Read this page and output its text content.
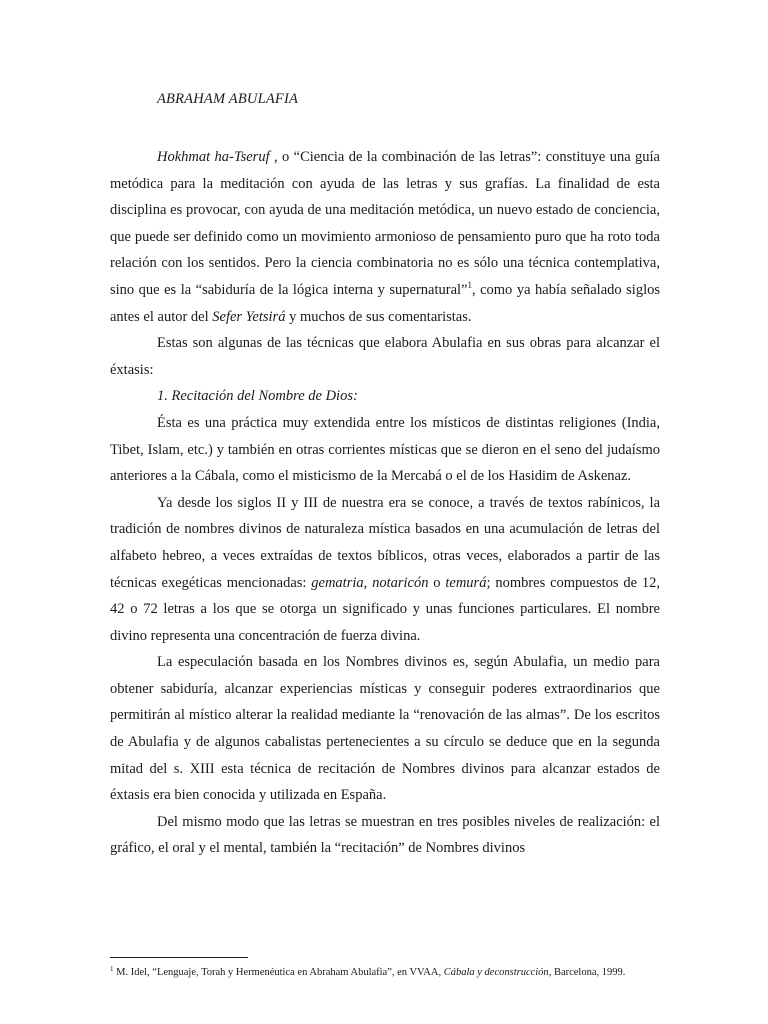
ABRAHAM ABULAFIA

Hokhmat ha-Tseruf , o “Ciencia de la combinación de las letras”: constituye una guía metódica para la meditación con ayuda de las letras y sus grafías. La finalidad de esta disciplina es provocar, con ayuda de una meditación metódica, un nuevo estado de conciencia, que puede ser definido como un movimiento armonioso de pensamiento puro que ha roto toda relación con los sentidos. Pero la ciencia combinatoria no es sólo una técnica contemplativa, sino que es la “sabiduría de la lógica interna y supernatural”$^1$, como ya había señalado siglos antes el autor del Sefer Yetsirá y muchos de sus comentaristas.

Estas son algunas de las técnicas que elabora Abulafia en sus obras para alcanzar el éxtasis:

1. Recitación del Nombre de Dios:

Ésta es una práctica muy extendida entre los místicos de distintas religiones (India, Tibet, Islam, etc.) y también en otras corrientes místicas que se dieron en el seno del judaísmo anteriores a la Cábala, como el misticismo de la Mercabá o el de los Hasidim de Askenaz.

Ya desde los siglos II y III de nuestra era se conoce, a través de textos rabínicos, la tradición de nombres divinos de naturaleza mística basados en una acumulación de letras del alfabeto hebreo, a veces extraídas de textos bíblicos, otras veces, elaborados a partir de las técnicas exegéticas mencionadas: gematria, notaricón o temurá; nombres compuestos de 12, 42 o 72 letras a los que se otorga un significado y unas funciones particulares. El nombre divino representa una concentración de fuerza divina.

La especulación basada en los Nombres divinos es, según Abulafia, un medio para obtener sabiduría, alcanzar experiencias místicas y conseguir poderes extraordinarios que permitirán al místico alterar la realidad mediante la “renovación de las almas”. De los escritos de Abulafia y de algunos cabalistas pertenecientes a su círculo se deduce que en la segunda mitad del s. XIII esta técnica de recitación de Nombres divinos para alcanzar estados de éxtasis era bien conocida y utilizada en España.

Del mismo modo que las letras se muestran en tres posibles niveles de realización: el gráfico, el oral y el mental, también la “recitación” de Nombres divinos

$^1$ M. Idel, “Lenguaje, Torah y Hermenéutica en Abraham Abulafia”, en VVAA, Cábala y deconstrucción, Barcelona, 1999.
